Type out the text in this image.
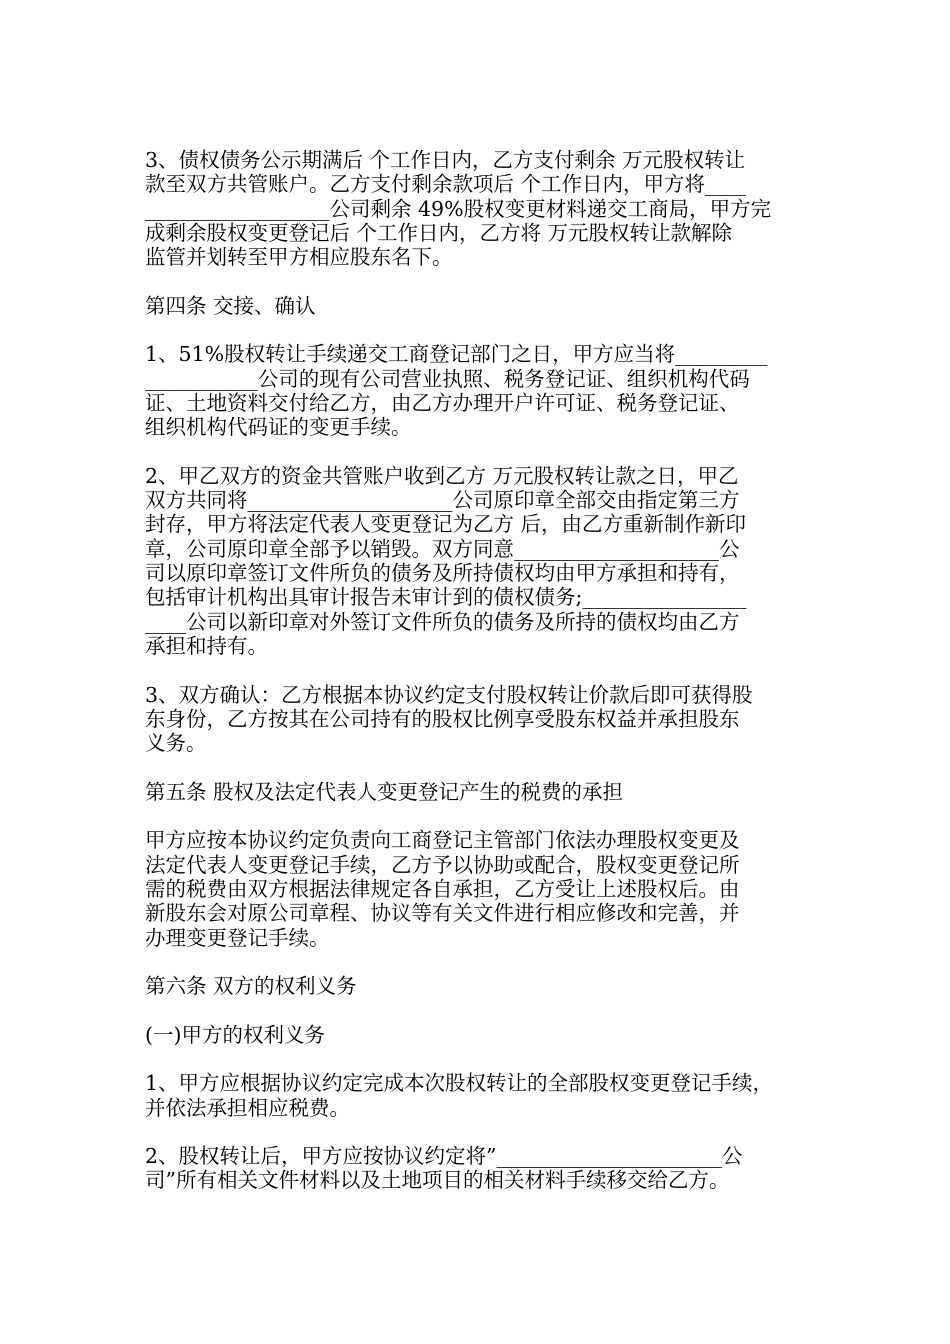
3、债权债务公示期满后 个工作日内，乙方支付剩余 万元股权转让
款至双方共管账户。乙方支付剩余款项后 个工作日内，甲方将____
__________________公司剩余 49%股权变更材料递交工商局，甲方完
成剩余股权变更登记后 个工作日内，乙方将 万元股权转让款解除
监管并划转至甲方相应股东名下。
第四条 交接、确认
1、51%股权转让手续递交工商登记部门之日，甲方应当将_________
___________公司的现有公司营业执照、税务登记证、组织机构代码
证、土地资料交付给乙方，由乙方办理开户许可证、税务登记证、
组织机构代码证的变更手续。
2、甲乙双方的资金共管账户收到乙方 万元股权转让款之日，甲乙
双方共同将____________________公司原印章全部交由指定第三方
封存，甲方将法定代表人变更登记为乙方 后，由乙方重新制作新印
章，公司原印章全部予以销毁。双方同意____________________公
司以原印章签订文件所负的债务及所持债权均由甲方承担和持有，
包括审计机构出具审计报告未审计到的债权债务;________________
____公司以新印章对外签订文件所负的债务及所持的债权均由乙方
承担和持有。
3、双方确认：乙方根据本协议约定支付股权转让价款后即可获得股
东身份，乙方按其在公司持有的股权比例享受股东权益并承担股东
义务。
第五条 股权及法定代表人变更登记产生的税费的承担
甲方应按本协议约定负责向工商登记主管部门依法办理股权变更及
法定代表人变更登记手续，乙方予以协助或配合，股权变更登记所
需的税费由双方根据法律规定各自承担，乙方受让上述股权后。由
新股东会对原公司章程、协议等有关文件进行相应修改和完善，并
办理变更登记手续。
第六条 双方的权利义务
(一)甲方的权利义务
1、甲方应根据协议约定完成本次股权转让的全部股权变更登记手续，
并依法承担相应税费。
2、股权转让后，甲方应按协议约定将”______________________公
司”所有相关文件材料以及土地项目的相关材料手续移交给乙方。
